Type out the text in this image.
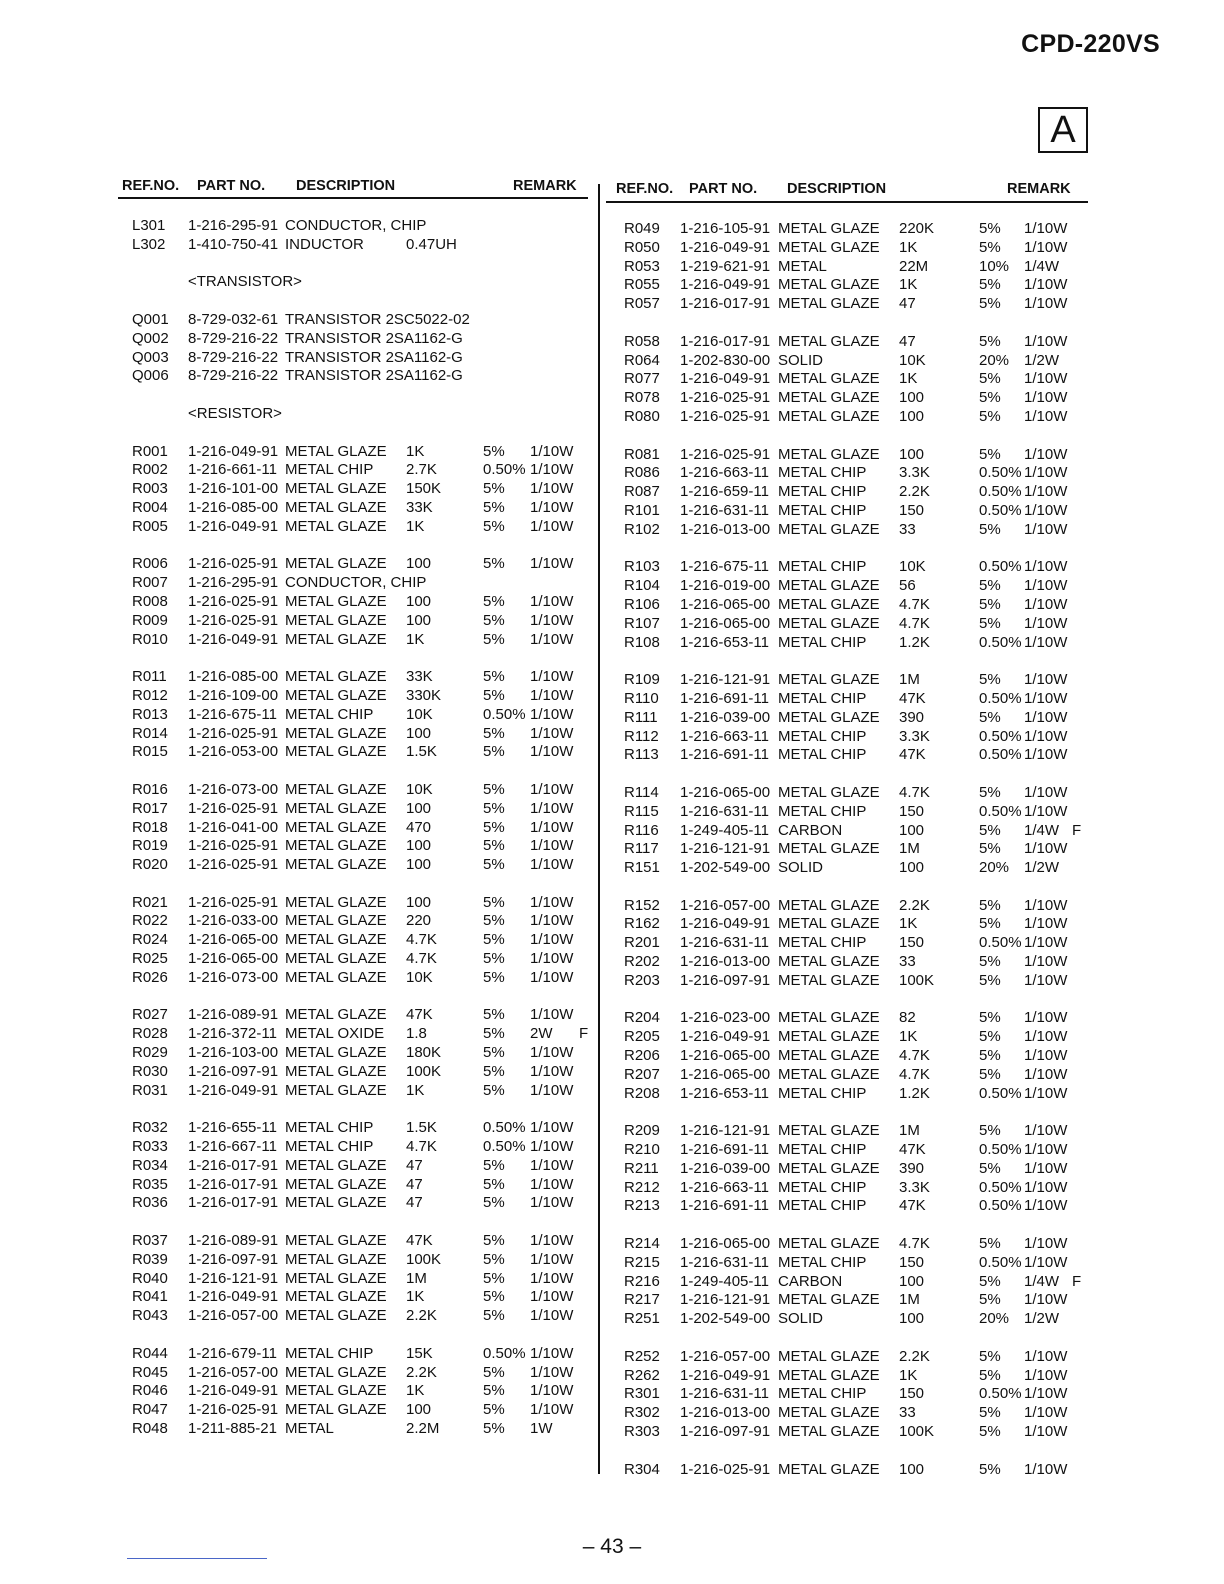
CPD-220VS
A
REF.NO. PART NO. DESCRIPTION	REMARK	REF.NO. PART NO. DESCRIPTION	REMARK
L301 1-216-295-91 CONDUCTOR, CHIP
L302 1-410-750-41 INDUCTOR	0.47UH
<TRANSISTOR>
Q001 8-729-032-61 TRANSISTOR 2SC5022-02
Q002 8-729-216-22 TRANSISTOR 2SA1162-G
Q003 8-729-216-22 TRANSISTOR 2SA1162-G
Q006 8-729-216-22 TRANSISTOR 2SA1162-G
<RESISTOR>
R001 1-216-049-91 METAL GLAZE 1K	5% 1/10W
R002 1-216-661-11 METAL CHIP 2.7K	0.50% 1/10W
R003 1-216-101-00 METAL GLAZE 150K	5% 1/10W
R004 1-216-085-00 METAL GLAZE 33K	5% 1/10W
R005 1-216-049-91 METAL GLAZE 1K	5% 1/10W
R006 1-216-025-91 METAL GLAZE 100	5% 1/10W
R007 1-216-295-91 CONDUCTOR, CHIP
R008 1-216-025-91 METAL GLAZE 100	5% 1/10W
R009 1-216-025-91 METAL GLAZE 100	5% 1/10W
R010 1-216-049-91 METAL GLAZE 1K	5% 1/10W
R011 1-216-085-00 METAL GLAZE 33K	5% 1/10W
R012 1-216-109-00 METAL GLAZE 330K	5% 1/10W
R013 1-216-675-11 METAL CHIP 10K	0.50% 1/10W
R014 1-216-025-91 METAL GLAZE 100	5% 1/10W
R015 1-216-053-00 METAL GLAZE 1.5K	5% 1/10W
R016 1-216-073-00 METAL GLAZE 10K	5% 1/10W
R017 1-216-025-91 METAL GLAZE 100	5% 1/10W
R018 1-216-041-00 METAL GLAZE 470	5% 1/10W
R019 1-216-025-91 METAL GLAZE 100	5% 1/10W
R020 1-216-025-91 METAL GLAZE 100	5% 1/10W
R021 1-216-025-91 METAL GLAZE 100	5% 1/10W
R022 1-216-033-00 METAL GLAZE 220	5% 1/10W
R024 1-216-065-00 METAL GLAZE 4.7K	5% 1/10W
R025 1-216-065-00 METAL GLAZE 4.7K	5% 1/10W
R026 1-216-073-00 METAL GLAZE 10K	5% 1/10W
R027 1-216-089-91 METAL GLAZE 47K	5% 1/10W
R028 1-216-372-11 METAL OXIDE 1.8	5% 2W F
R029 1-216-103-00 METAL GLAZE 180K	5% 1/10W
R030 1-216-097-91 METAL GLAZE 100K	5% 1/10W
R031 1-216-049-91 METAL GLAZE 1K	5% 1/10W
R032 1-216-655-11 METAL CHIP 1.5K	0.50% 1/10W
R033 1-216-667-11 METAL CHIP 4.7K	0.50% 1/10W
R034 1-216-017-91 METAL GLAZE 47	5% 1/10W
R035 1-216-017-91 METAL GLAZE 47	5% 1/10W
R036 1-216-017-91 METAL GLAZE 47	5% 1/10W
R037 1-216-089-91 METAL GLAZE 47K	5% 1/10W
R039 1-216-097-91 METAL GLAZE 100K	5% 1/10W
R040 1-216-121-91 METAL GLAZE 1M	5% 1/10W
R041 1-216-049-91 METAL GLAZE 1K	5% 1/10W
R043 1-216-057-00 METAL GLAZE 2.2K	5% 1/10W
R044 1-216-679-11 METAL CHIP 15K	0.50% 1/10W
R045 1-216-057-00 METAL GLAZE 2.2K	5% 1/10W
R046 1-216-049-91 METAL GLAZE 1K	5% 1/10W
R047 1-216-025-91 METAL GLAZE 100	5% 1/10W
R048 1-211-885-21 METAL	2.2M	5% 1W
R049 1-216-105-91 METAL GLAZE 220K	5% 1/10W
R050 1-216-049-91 METAL GLAZE 1K	5% 1/10W
R053 1-219-621-91 METAL	22M	10% 1/4W
R055 1-216-049-91 METAL GLAZE 1K	5% 1/10W
R057 1-216-017-91 METAL GLAZE 47	5% 1/10W
R058 1-216-017-91 METAL GLAZE 47	5% 1/10W
R064 1-202-830-00 SOLID	10K	20% 1/2W
R077 1-216-049-91 METAL GLAZE 1K	5% 1/10W
R078 1-216-025-91 METAL GLAZE 100	5% 1/10W
R080 1-216-025-91 METAL GLAZE 100	5% 1/10W
R081 1-216-025-91 METAL GLAZE 100	5% 1/10W
R086 1-216-663-11 METAL CHIP 3.3K	0.50% 1/10W
R087 1-216-659-11 METAL CHIP 2.2K	0.50% 1/10W
R101 1-216-631-11 METAL CHIP 150	0.50% 1/10W
R102 1-216-013-00 METAL GLAZE 33	5% 1/10W
R103 1-216-675-11 METAL CHIP 10K	0.50% 1/10W
R104 1-216-019-00 METAL GLAZE 56	5% 1/10W
R106 1-216-065-00 METAL GLAZE 4.7K	5% 1/10W
R107 1-216-065-00 METAL GLAZE 4.7K	5% 1/10W
R108 1-216-653-11 METAL CHIP 1.2K	0.50% 1/10W
R109 1-216-121-91 METAL GLAZE 1M	5% 1/10W
R110 1-216-691-11 METAL CHIP 47K	0.50% 1/10W
R111 1-216-039-00 METAL GLAZE 390	5% 1/10W
R112 1-216-663-11 METAL CHIP 3.3K	0.50% 1/10W
R113 1-216-691-11 METAL CHIP 47K	0.50% 1/10W
R114 1-216-065-00 METAL GLAZE 4.7K	5% 1/10W
R115 1-216-631-11 METAL CHIP 150	0.50% 1/10W
R116 1-249-405-11 CARBON	100	5% 1/4W F
R117 1-216-121-91 METAL GLAZE 1M	5% 1/10W
R151 1-202-549-00 SOLID	100	20% 1/2W
R152 1-216-057-00 METAL GLAZE 2.2K	5% 1/10W
R162 1-216-049-91 METAL GLAZE 1K	5% 1/10W
R201 1-216-631-11 METAL CHIP 150	0.50% 1/10W
R202 1-216-013-00 METAL GLAZE 33	5% 1/10W
R203 1-216-097-91 METAL GLAZE 100K	5% 1/10W
R204 1-216-023-00 METAL GLAZE 82	5% 1/10W
R205 1-216-049-91 METAL GLAZE 1K	5% 1/10W
R206 1-216-065-00 METAL GLAZE 4.7K	5% 1/10W
R207 1-216-065-00 METAL GLAZE 4.7K	5% 1/10W
R208 1-216-653-11 METAL CHIP 1.2K	0.50% 1/10W
R209 1-216-121-91 METAL GLAZE 1M	5% 1/10W
R210 1-216-691-11 METAL CHIP 47K	0.50% 1/10W
R211 1-216-039-00 METAL GLAZE 390	5% 1/10W
R212 1-216-663-11 METAL CHIP 3.3K	0.50% 1/10W
R213 1-216-691-11 METAL CHIP 47K	0.50% 1/10W
R214 1-216-065-00 METAL GLAZE 4.7K	5% 1/10W
R215 1-216-631-11 METAL CHIP 150	0.50% 1/10W
R216 1-249-405-11 CARBON	100	5% 1/4W F
R217 1-216-121-91 METAL GLAZE 1M	5% 1/10W
R251 1-202-549-00 SOLID	100	20% 1/2W
R252 1-216-057-00 METAL GLAZE 2.2K	5% 1/10W
R262 1-216-049-91 METAL GLAZE 1K	5% 1/10W
R301 1-216-631-11 METAL CHIP 150	0.50% 1/10W
R302 1-216-013-00 METAL GLAZE 33	5% 1/10W
R303 1-216-097-91 METAL GLAZE 100K	5% 1/10W
R304 1-216-025-91 METAL GLAZE 100	5% 1/10W
– 43 –
